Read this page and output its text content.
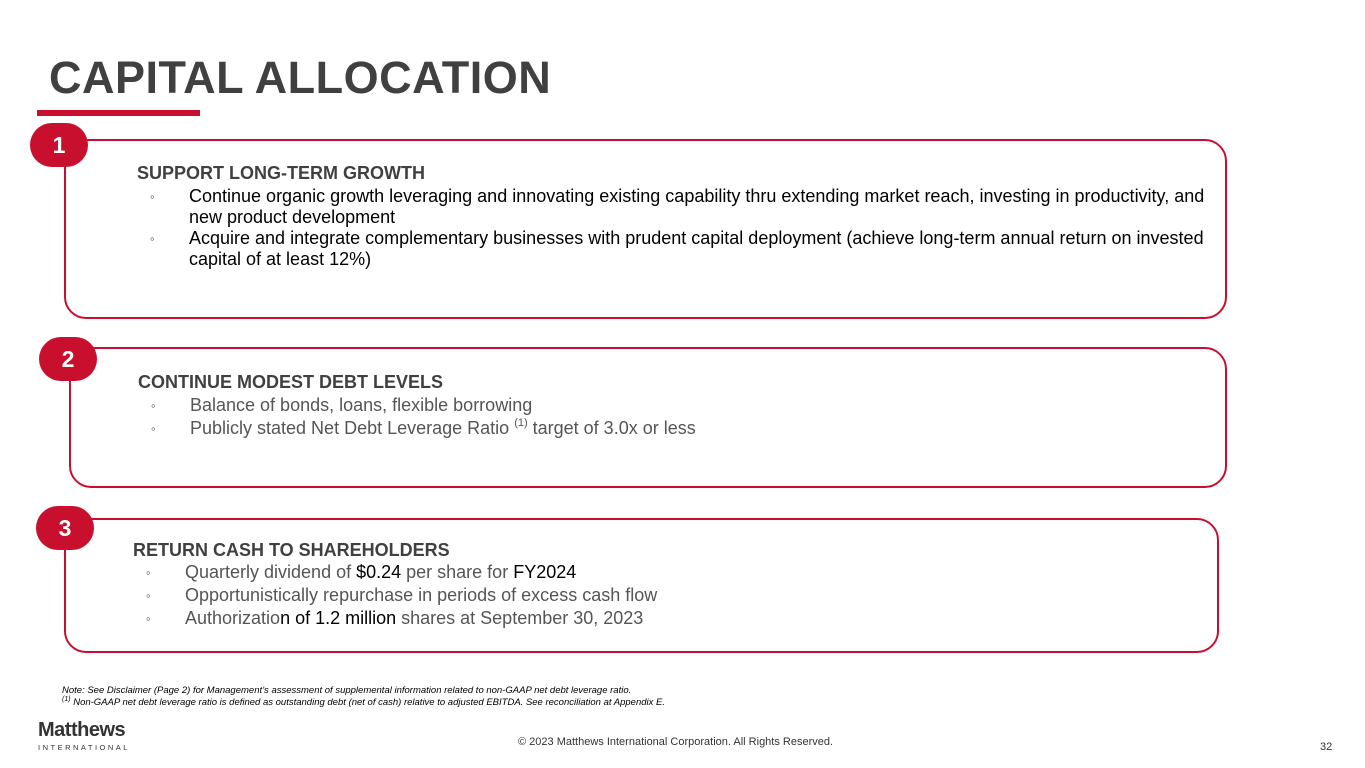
CAPITAL ALLOCATION
1
SUPPORT LONG-TERM GROWTH
◦ Continue organic growth leveraging and innovating existing capability thru extending market reach, investing in productivity, and new product development
◦ Acquire and integrate complementary businesses with prudent capital deployment (achieve long-term annual return on invested capital of at least 12%)
2
CONTINUE MODEST DEBT LEVELS
◦ Balance of bonds, loans, flexible borrowing
◦ Publicly stated Net Debt Leverage Ratio $^{(1)}$ target of 3.0x or less
3
RETURN CASH TO SHAREHOLDERS
◦ Quarterly dividend of $0.24 per share for FY2024
◦ Opportunistically repurchase in periods of excess cash flow
◦ Authorization of 1.2 million shares at September 30, 2023
Note: See Disclaimer (Page 2) for Management’s assessment of supplemental information related to non-GAAP net debt leverage ratio.
$^{(1)}$ Non-GAAP net debt leverage ratio is defined as outstanding debt (net of cash) relative to adjusted EBITDA. See reconciliation at Appendix E.
Matthews
INTERNATIONAL	© 2023 Matthews International Corporation. All Rights Reserved.	32
